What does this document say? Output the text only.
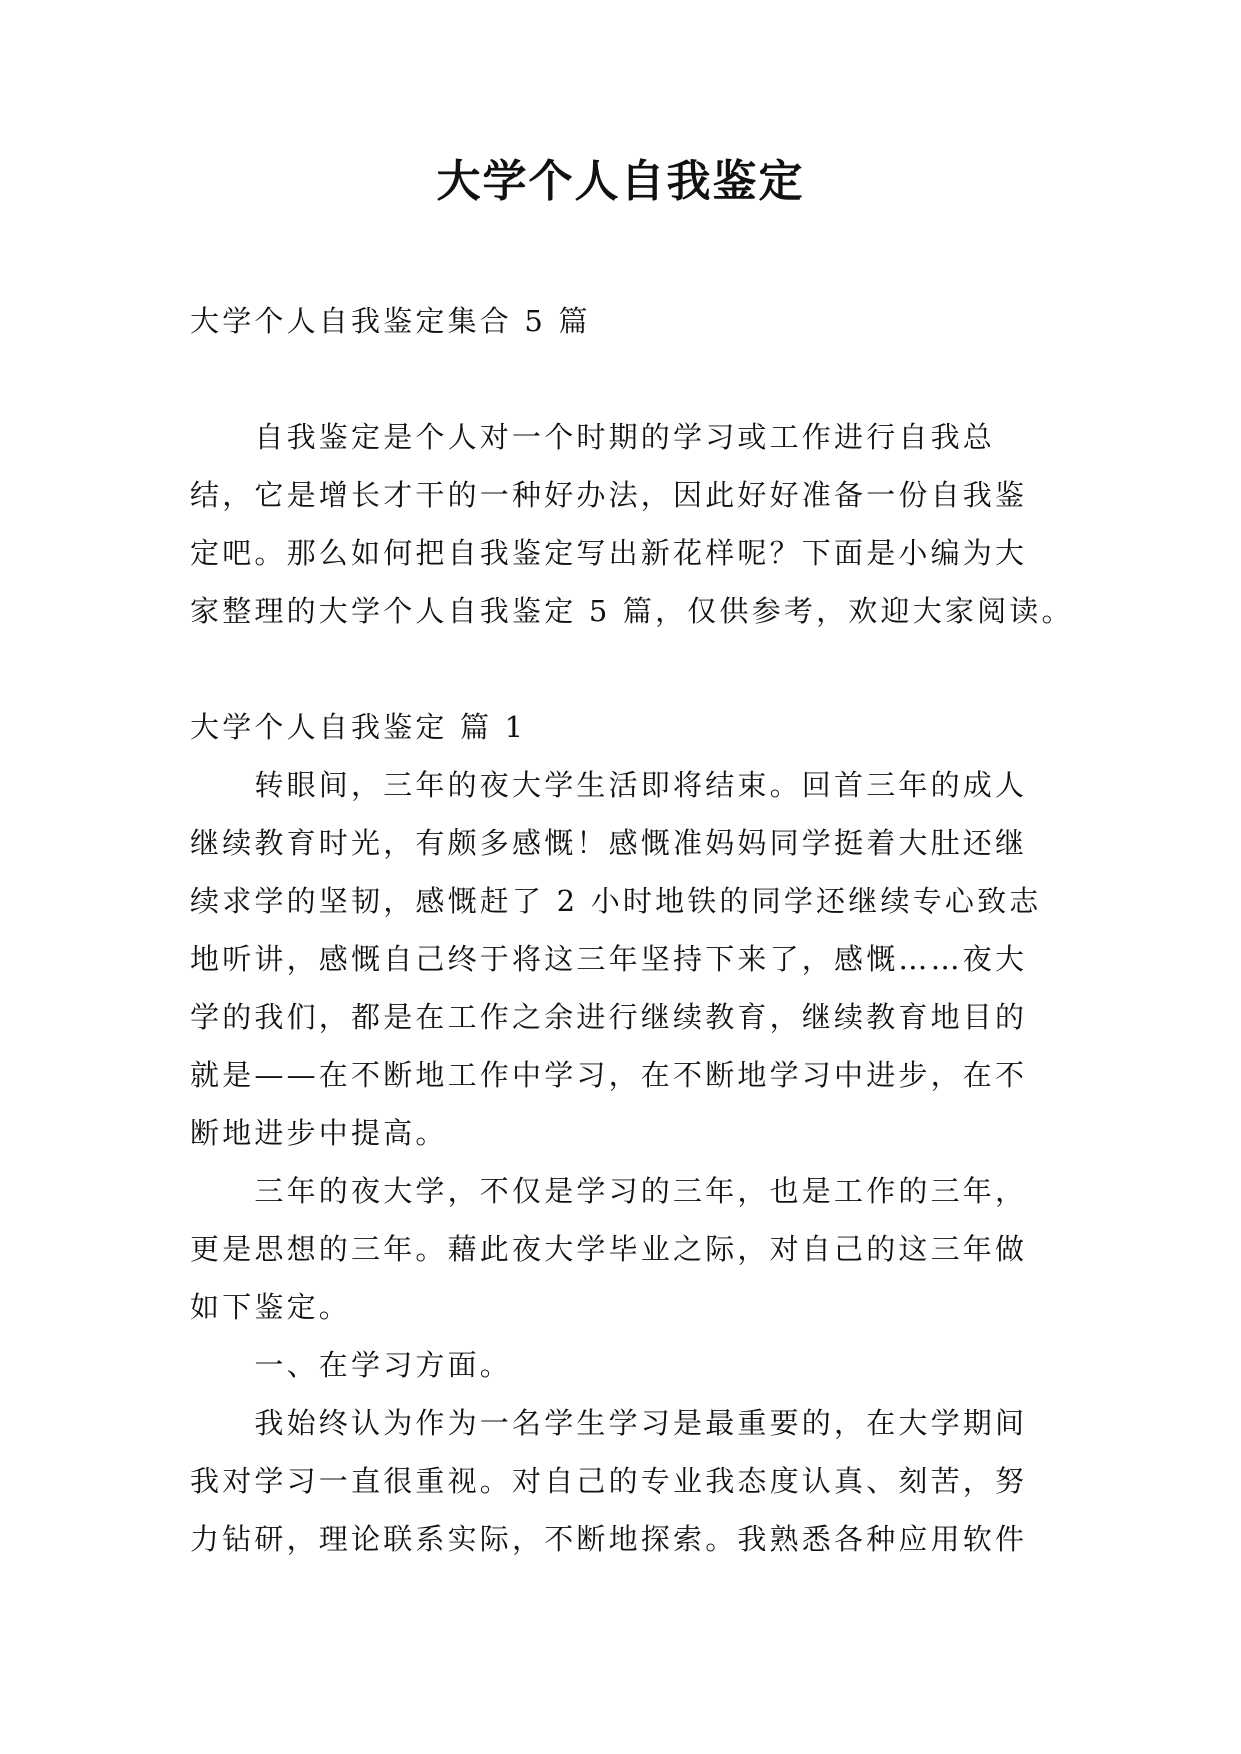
大学个人自我鉴定

大学个人自我鉴定集合 5 篇

　　自我鉴定是个人对一个时期的学习或工作进行自我总

结，它是增长才干的一种好办法，因此好好准备一份自我鉴

定吧。那么如何把自我鉴定写出新花样呢？下面是小编为大

家整理的大学个人自我鉴定 5 篇，仅供参考，欢迎大家阅读。

大学个人自我鉴定 篇 1

　　转眼间，三年的夜大学生活即将结束。回首三年的成人

继续教育时光，有颇多感慨！感慨准妈妈同学挺着大肚还继

续求学的坚韧，感慨赶了 2 小时地铁的同学还继续专心致志

地听讲，感慨自己终于将这三年坚持下来了，感慨……夜大

学的我们，都是在工作之余进行继续教育，继续教育地目的

就是——在不断地工作中学习，在不断地学习中进步，在不

断地进步中提高。

　　三年的夜大学，不仅是学习的三年，也是工作的三年，

更是思想的三年。藉此夜大学毕业之际，对自己的这三年做

如下鉴定。

　　一、在学习方面。

　　我始终认为作为一名学生学习是最重要的，在大学期间

我对学习一直很重视。对自己的专业我态度认真、刻苦，努

力钻研，理论联系实际，不断地探索。我熟悉各种应用软件
